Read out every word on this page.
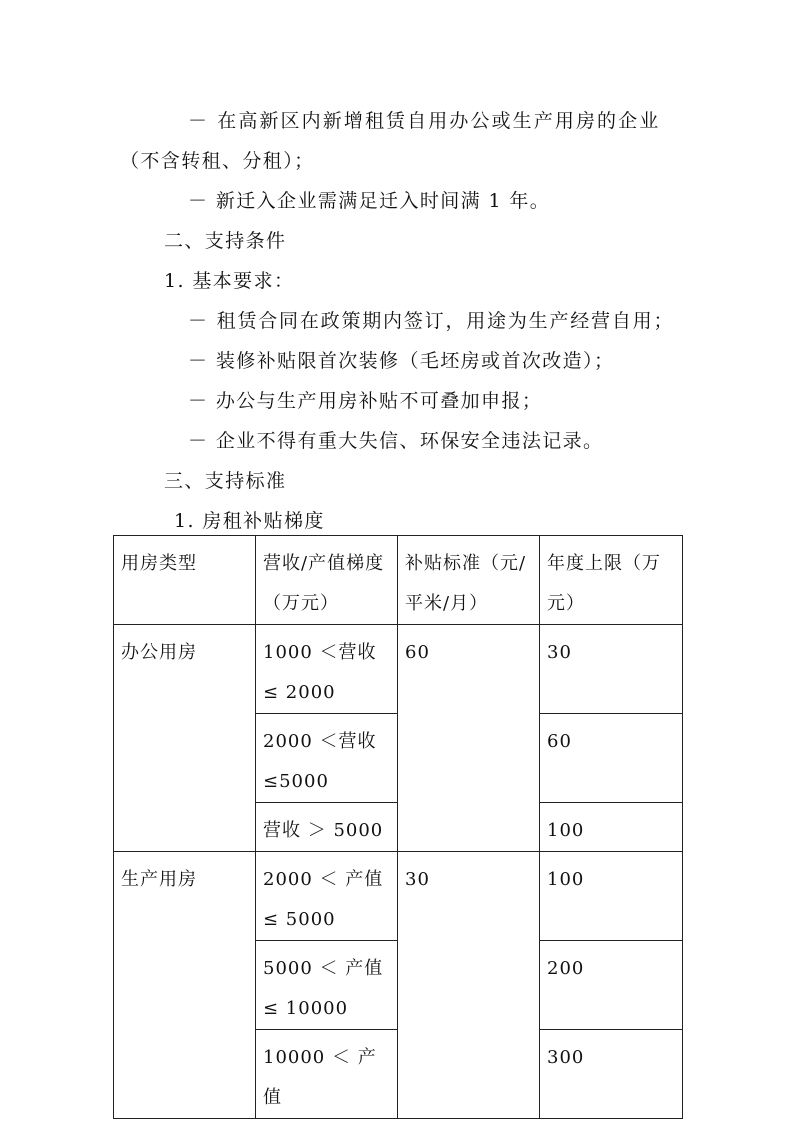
－ 在高新区内新增租赁自用办公或生产用房的企业
（不含转租、分租）；
－ 新迁入企业需满足迁入时间满 1 年。
二、支持条件
1. 基本要求：
－ 租赁合同在政策期内签订，用途为生产经营自用；
－ 装修补贴限首次装修（毛坯房或首次改造）；
－ 办公与生产用房补贴不可叠加申报；
－ 企业不得有重大失信、环保安全违法记录。
三、支持标准
1. 房租补贴梯度
用房类型	营收/产值梯度（万元）	补贴标准（元/平米/月）	年度上限（万元）

办公用房	1000 ＜营收 ≤ 2000	60	30

	2000 ＜营收 ≤5000		60

	营收 ＞ 5000		100

生产用房	2000 ＜ 产值 ≤ 5000	30	100

	5000 ＜ 产值 ≤ 10000		200

	10000 ＜ 产值		300
